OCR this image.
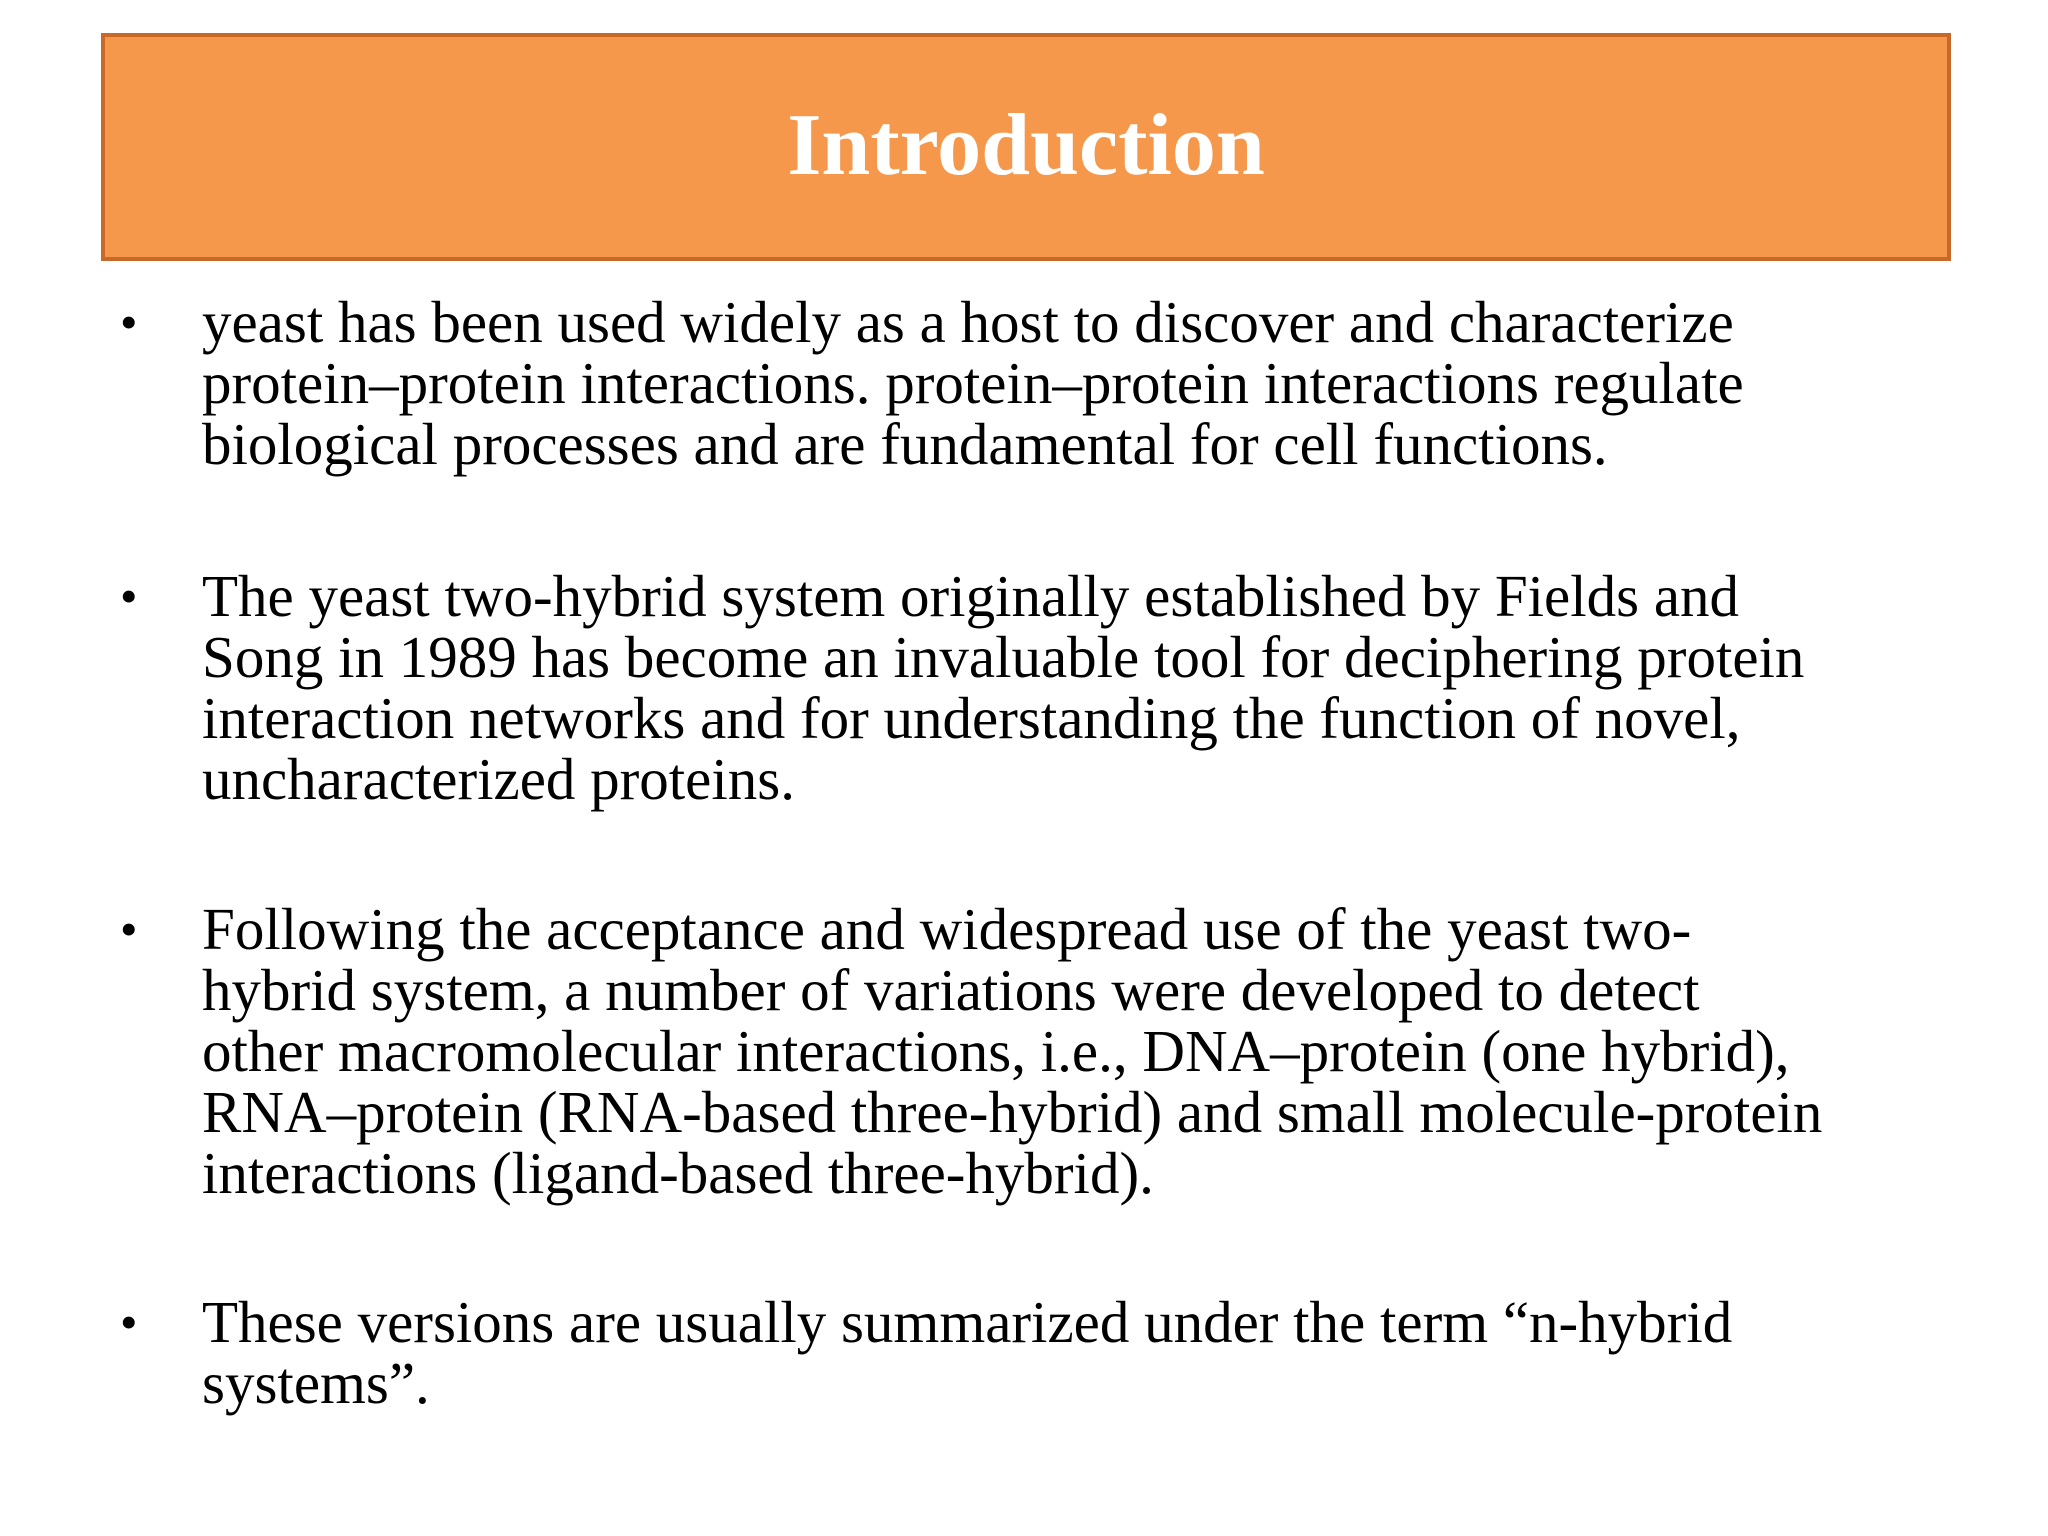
Introduction
• yeast has been used widely as a host to discover and characterize
protein–protein interactions. protein–protein interactions regulate
biological processes and are fundamental for cell functions.
• The yeast two-hybrid system originally established by Fields and
Song in 1989 has become an invaluable tool for deciphering protein
interaction networks and for understanding the function of novel,
uncharacterized proteins.
• Following the acceptance and widespread use of the yeast two-
hybrid system, a number of variations were developed to detect
other macromolecular interactions, i.e., DNA–protein (one hybrid),
RNA–protein (RNA-based three-hybrid) and small molecule-protein
interactions (ligand-based three-hybrid).
• These versions are usually summarized under the term “n-hybrid
systems”.
